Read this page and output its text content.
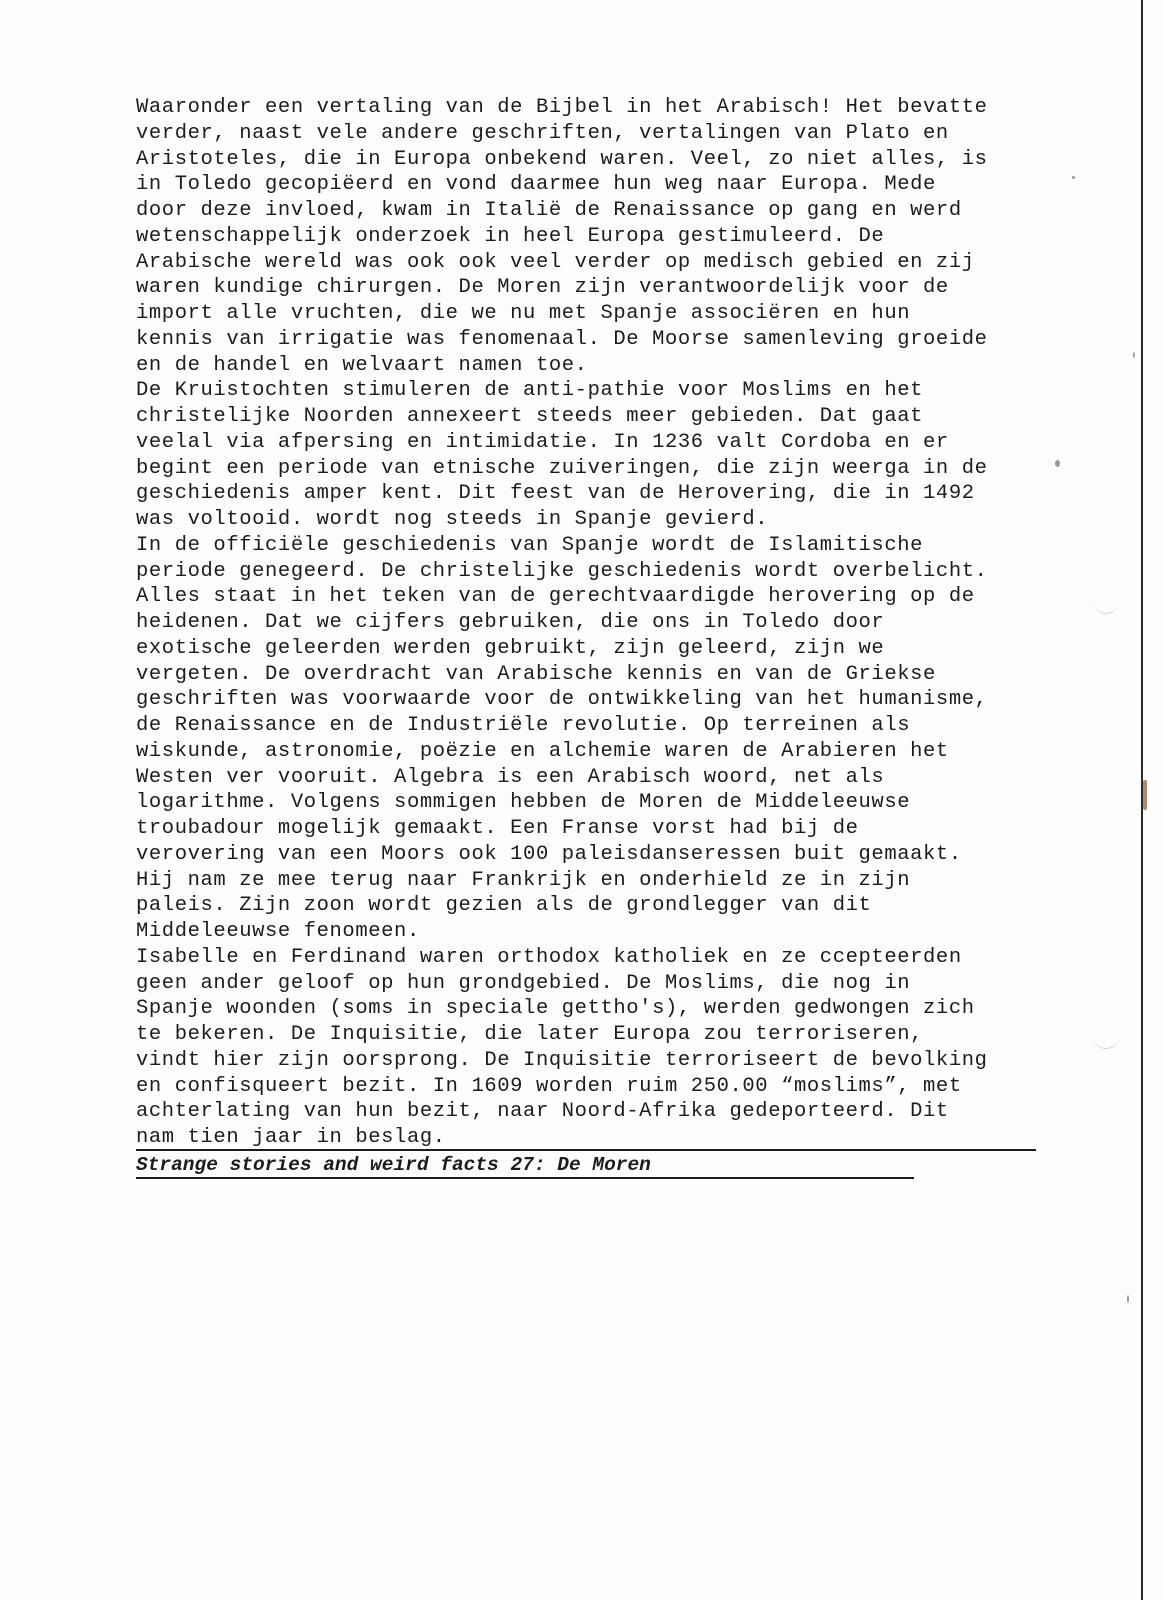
Waaronder een vertaling van de Bijbel in het Arabisch! Het bevatte

verder, naast vele andere geschriften, vertalingen van Plato en

Aristoteles, die in Europa onbekend waren. Veel, zo niet alles, is

in Toledo gecopiëerd en vond daarmee hun weg naar Europa. Mede

door deze invloed, kwam in Italië de Renaissance op gang en werd

wetenschappelijk onderzoek in heel Europa gestimuleerd. De

Arabische wereld was ook ook veel verder op medisch gebied en zij

waren kundige chirurgen. De Moren zijn verantwoordelijk voor de

import alle vruchten, die we nu met Spanje associëren en hun

kennis van irrigatie was fenomenaal. De Moorse samenleving groeide

en de handel en welvaart namen toe.

De Kruistochten stimuleren de anti-pathie voor Moslims en het

christelijke Noorden annexeert steeds meer gebieden. Dat gaat

veelal via afpersing en intimidatie. In 1236 valt Cordoba en er

begint een periode van etnische zuiveringen, die zijn weerga in de

geschiedenis amper kent. Dit feest van de Herovering, die in 1492

was voltooid. wordt nog steeds in Spanje gevierd.

In de officiële geschiedenis van Spanje wordt de Islamitische

periode genegeerd. De christelijke geschiedenis wordt overbelicht.

Alles staat in het teken van de gerechtvaardigde herovering op de

heidenen. Dat we cijfers gebruiken, die ons in Toledo door

exotische geleerden werden gebruikt, zijn geleerd, zijn we

vergeten. De overdracht van Arabische kennis en van de Griekse

geschriften was voorwaarde voor de ontwikkeling van het humanisme,

de Renaissance en de Industriële revolutie. Op terreinen als

wiskunde, astronomie, poëzie en alchemie waren de Arabieren het

Westen ver vooruit. Algebra is een Arabisch woord, net als

logarithme. Volgens sommigen hebben de Moren de Middeleeuwse

troubadour mogelijk gemaakt. Een Franse vorst had bij de

verovering van een Moors ook 100 paleisdanseressen buit gemaakt.

Hij nam ze mee terug naar Frankrijk en onderhield ze in zijn

paleis. Zijn zoon wordt gezien als de grondlegger van dit

Middeleeuwse fenomeen.

Isabelle en Ferdinand waren orthodox katholiek en ze ccepteerden

geen ander geloof op hun grondgebied. De Moslims, die nog in

Spanje woonden (soms in speciale gettho's), werden gedwongen zich

te bekeren. De Inquisitie, die later Europa zou terroriseren,

vindt hier zijn oorsprong. De Inquisitie terroriseert de bevolking

en confisqueert bezit. In 1609 worden ruim 250.00 “moslims”, met

achterlating van hun bezit, naar Noord-Afrika gedeporteerd. Dit

nam tien jaar in beslag.

Strange stories and weird facts 27: De Moren
